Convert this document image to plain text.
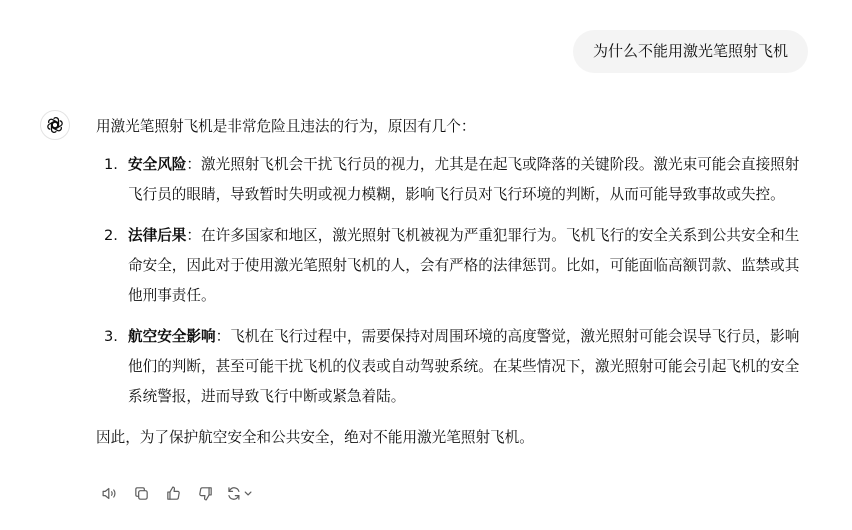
为什么不能用激光笔照射飞机

用激光笔照射飞机是非常危险且违法的行为，原因有几个：

安全风险：激光照射飞机会干扰飞行员的视力，尤其是在起飞或降落的关键阶段。激光束可能会直接照射飞行员的眼睛，导致暂时失明或视力模糊，影响飞行员对飞行环境的判断，从而可能导致事故或失控。
法律后果：在许多国家和地区，激光照射飞机被视为严重犯罪行为。飞机飞行的安全关系到公共安全和生命安全，因此对于使用激光笔照射飞机的人，会有严格的法律惩罚。比如，可能面临高额罚款、监禁或其他刑事责任。
航空安全影响：飞机在飞行过程中，需要保持对周围环境的高度警觉，激光照射可能会误导飞行员，影响他们的判断，甚至可能干扰飞机的仪表或自动驾驶系统。在某些情况下，激光照射可能会引起飞机的安全系统警报，进而导致飞行中断或紧急着陆。

因此，为了保护航空安全和公共安全，绝对不能用激光笔照射飞机。
